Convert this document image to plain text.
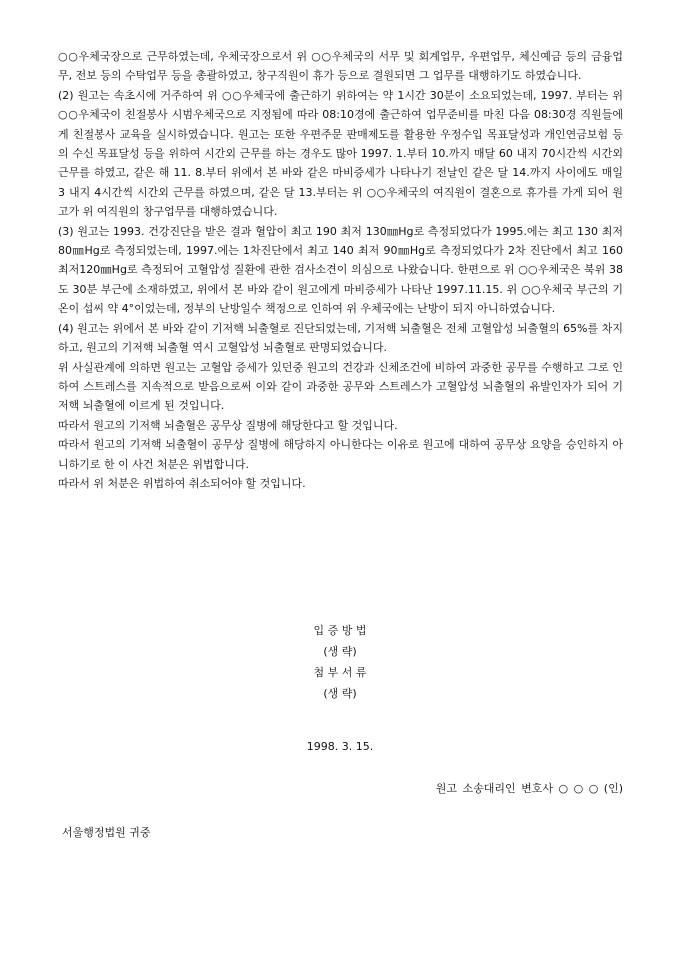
○○우체국장으로 근무하였는데, 우체국장으로서 위 ○○우체국의 서무 및 회계업무, 우편업무, 체신예금 등의 금융업무, 전보 등의 수탁업무 등을 총괄하였고, 창구직원이 휴가 등으로 결원되면 그 업무를 대행하기도 하였습니다.

(2) 원고는 속초시에 거주하여 위 ○○우체국에 출근하기 위하여는 약 1시간 30분이 소요되었는데, 1997. 부터는 위 ○○우체국이 친절봉사 시범우체국으로 지정됨에 따라 08:10경에 출근하여 업무준비를 마친 다음 08:30경 직원들에게 친절봉사 교육을 실시하였습니다. 원고는 또한 우편주문 판매제도를 활용한 우정수입 목표달성과 개인연금보험 등의 수신 목표달성 등을 위하여 시간외 근무를 하는 경우도 많아 1997. 1.부터 10.까지 매달 60 내지 70시간씩 시간외 근무를 하였고, 같은 해 11. 8.부터 위에서 본 바와 같은 마비증세가 나타나기 전날인 같은 달 14.까지 사이에도 매일 3 내지 4시간씩 시간외 근무를 하였으며, 같은 달 13.부터는 위 ○○우체국의 여직원이 결혼으로 휴가를 가게 되어 원고가 위 여직원의 창구업무를 대행하였습니다.

(3) 원고는 1993. 건강진단을 받은 결과 혈압이 최고 190 최저 130㎜Hg로 측정되었다가 1995.에는 최고 130 최저 80㎜Hg로 측정되었는데, 1997.에는 1차진단에서 최고 140 최저 90㎜Hg로 측정되었다가 2차 진단에서 최고 160 최저120㎜Hg로 측정되어 고혈압성 질환에 관한 검사소견이 의심으로 나왔습니다. 한편으로 위 ○○우체국은 북위 38도 30분 부근에 소재하였고, 위에서 본 바와 같이 원고에게 마비증세가 나타난 1997.11.15. 위 ○○우체국 부근의 기온이 섭씨 약 4°이었는데, 정부의 난방일수 책정으로 인하여 위 우체국에는 난방이 되지 아니하였습니다.

(4) 원고는 위에서 본 바와 같이 기저핵 뇌출혈로 진단되었는데, 기저핵 뇌출혈은 전체 고혈압성 뇌출혈의 65%를 차지하고, 원고의 기저핵 뇌출혈 역시 고혈압성 뇌출혈로 판명되었습니다.

위 사실관계에 의하면 원고는 고혈압 증세가 있던중 원고의 건강과 신체조건에 비하여 과중한 공무를 수행하고 그로 인하여 스트레스를 지속적으로 받음으로써 이와 같이 과중한 공무와 스트레스가 고혈압성 뇌출혈의 유발인자가 되어 기저핵 뇌출혈에 이르게 된 것입니다.

따라서 원고의 기저핵 뇌출혈은 공무상 질병에 해당한다고 할 것입니다.

따라서 원고의 기저핵 뇌출혈이 공무상 질병에 해당하지 아니한다는 이유로 원고에 대하여 공무상 요양을 승인하지 아니하기로 한 이 사건 처분은 위법합니다.

따라서 위 처분은 위법하여 취소되어야 할 것입니다.

입 증 방 법
(생 략)
첨 부 서 류
(생 략)
1998. 3. 15.
원고 소송대리인 변호사 ○ ○ ○ (인)
서울행정법원 귀중
